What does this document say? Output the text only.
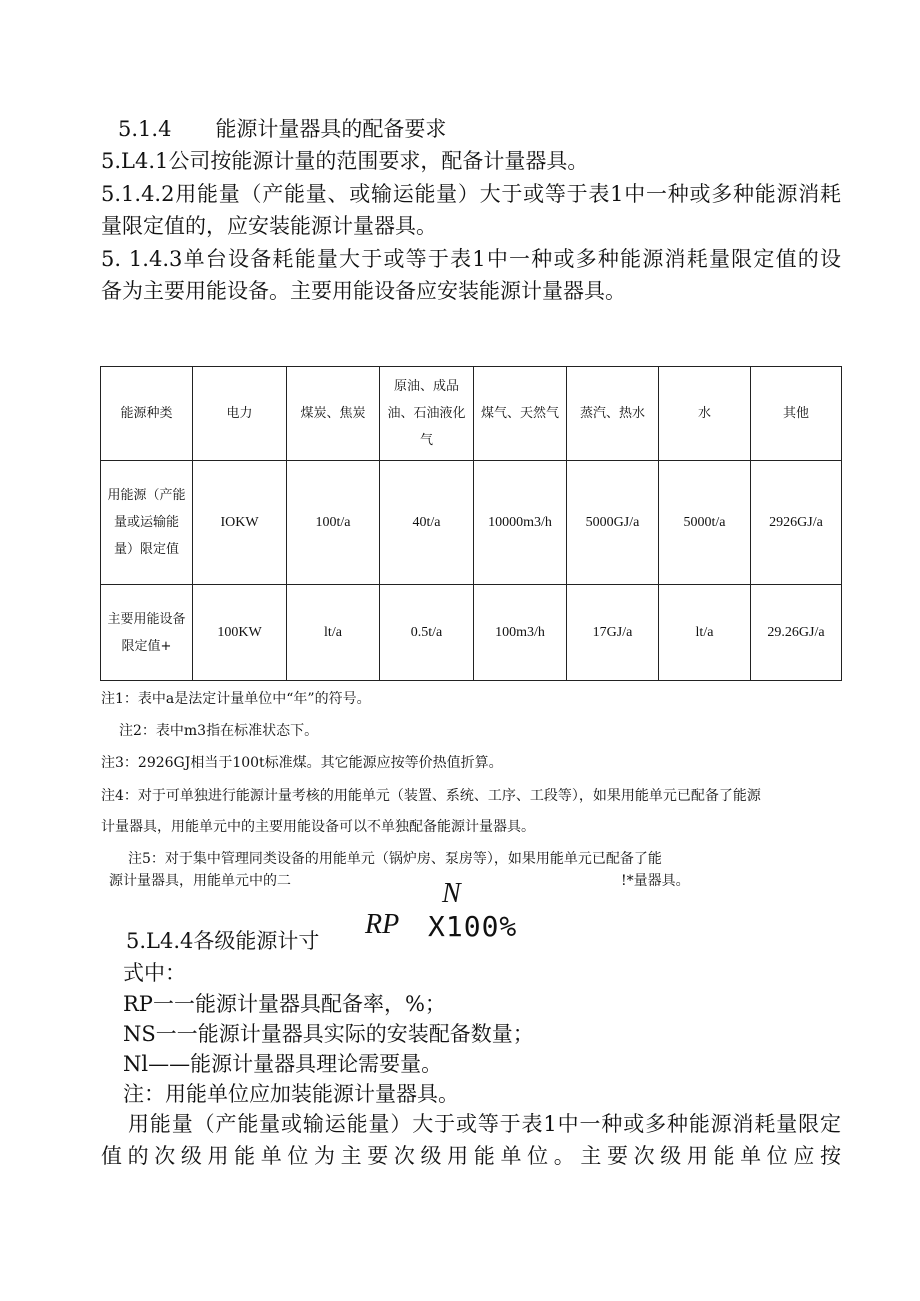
5.1.4 能源计量器具的配备要求
5.L4.1公司按能源计量的范围要求，配备计量器具。
5.1.4.2用能量（产能量、或输运能量）大于或等于表1中一种或多种能源消耗
量限定值的，应安装能源计量器具。
5. 1.4.3单台设备耗能量大于或等于表1中一种或多种能源消耗量限定值的设
备为主要用能设备。主要用能设备应安装能源计量器具。
能源种类	电力	煤炭、焦炭	原油、成品油、石油液化气	煤气、天然气	蒸汽、热水	水	其他
用能源（产能量或运输能量）限定值	IOKW	100t/a	40t/a	10000m3/h	5000GJ/a	5000t/a	2926GJ/a
主要用能设备限定值+	100KW	lt/a	0.5t/a	100m3/h	17GJ/a	lt/a	29.26GJ/a
注1：表中a是法定计量单位中“年”的符号。
注2：表中m3指在标准状态下。
注3：2926GJ相当于100t标准煤。其它能源应按等价热值折算。
注4：对于可单独进行能源计量考核的用能单元（装置、系统、工序、工段等），如果用能单元已配备了能源
计量器具，用能单元中的主要用能设备可以不单独配备能源计量器具。
注5：对于集中管理同类设备的用能单元（锅炉房、泵房等），如果用能单元已配备了能
源计量器具，用能单元中的二	!*量器具。
N
RP X100%
5.L4.4各级能源计寸
式中：
RP一一能源计量器具配备率，%；
NS一一能源计量器具实际的安装配备数量；
Nl——能源计量器具理论需要量。
注：用能单位应加装能源计量器具。
用能量（产能量或输运能量）大于或等于表1中一种或多种能源消耗量限定
值的次级用能单位为主要次级用能单位。主要次级用能单位应按
